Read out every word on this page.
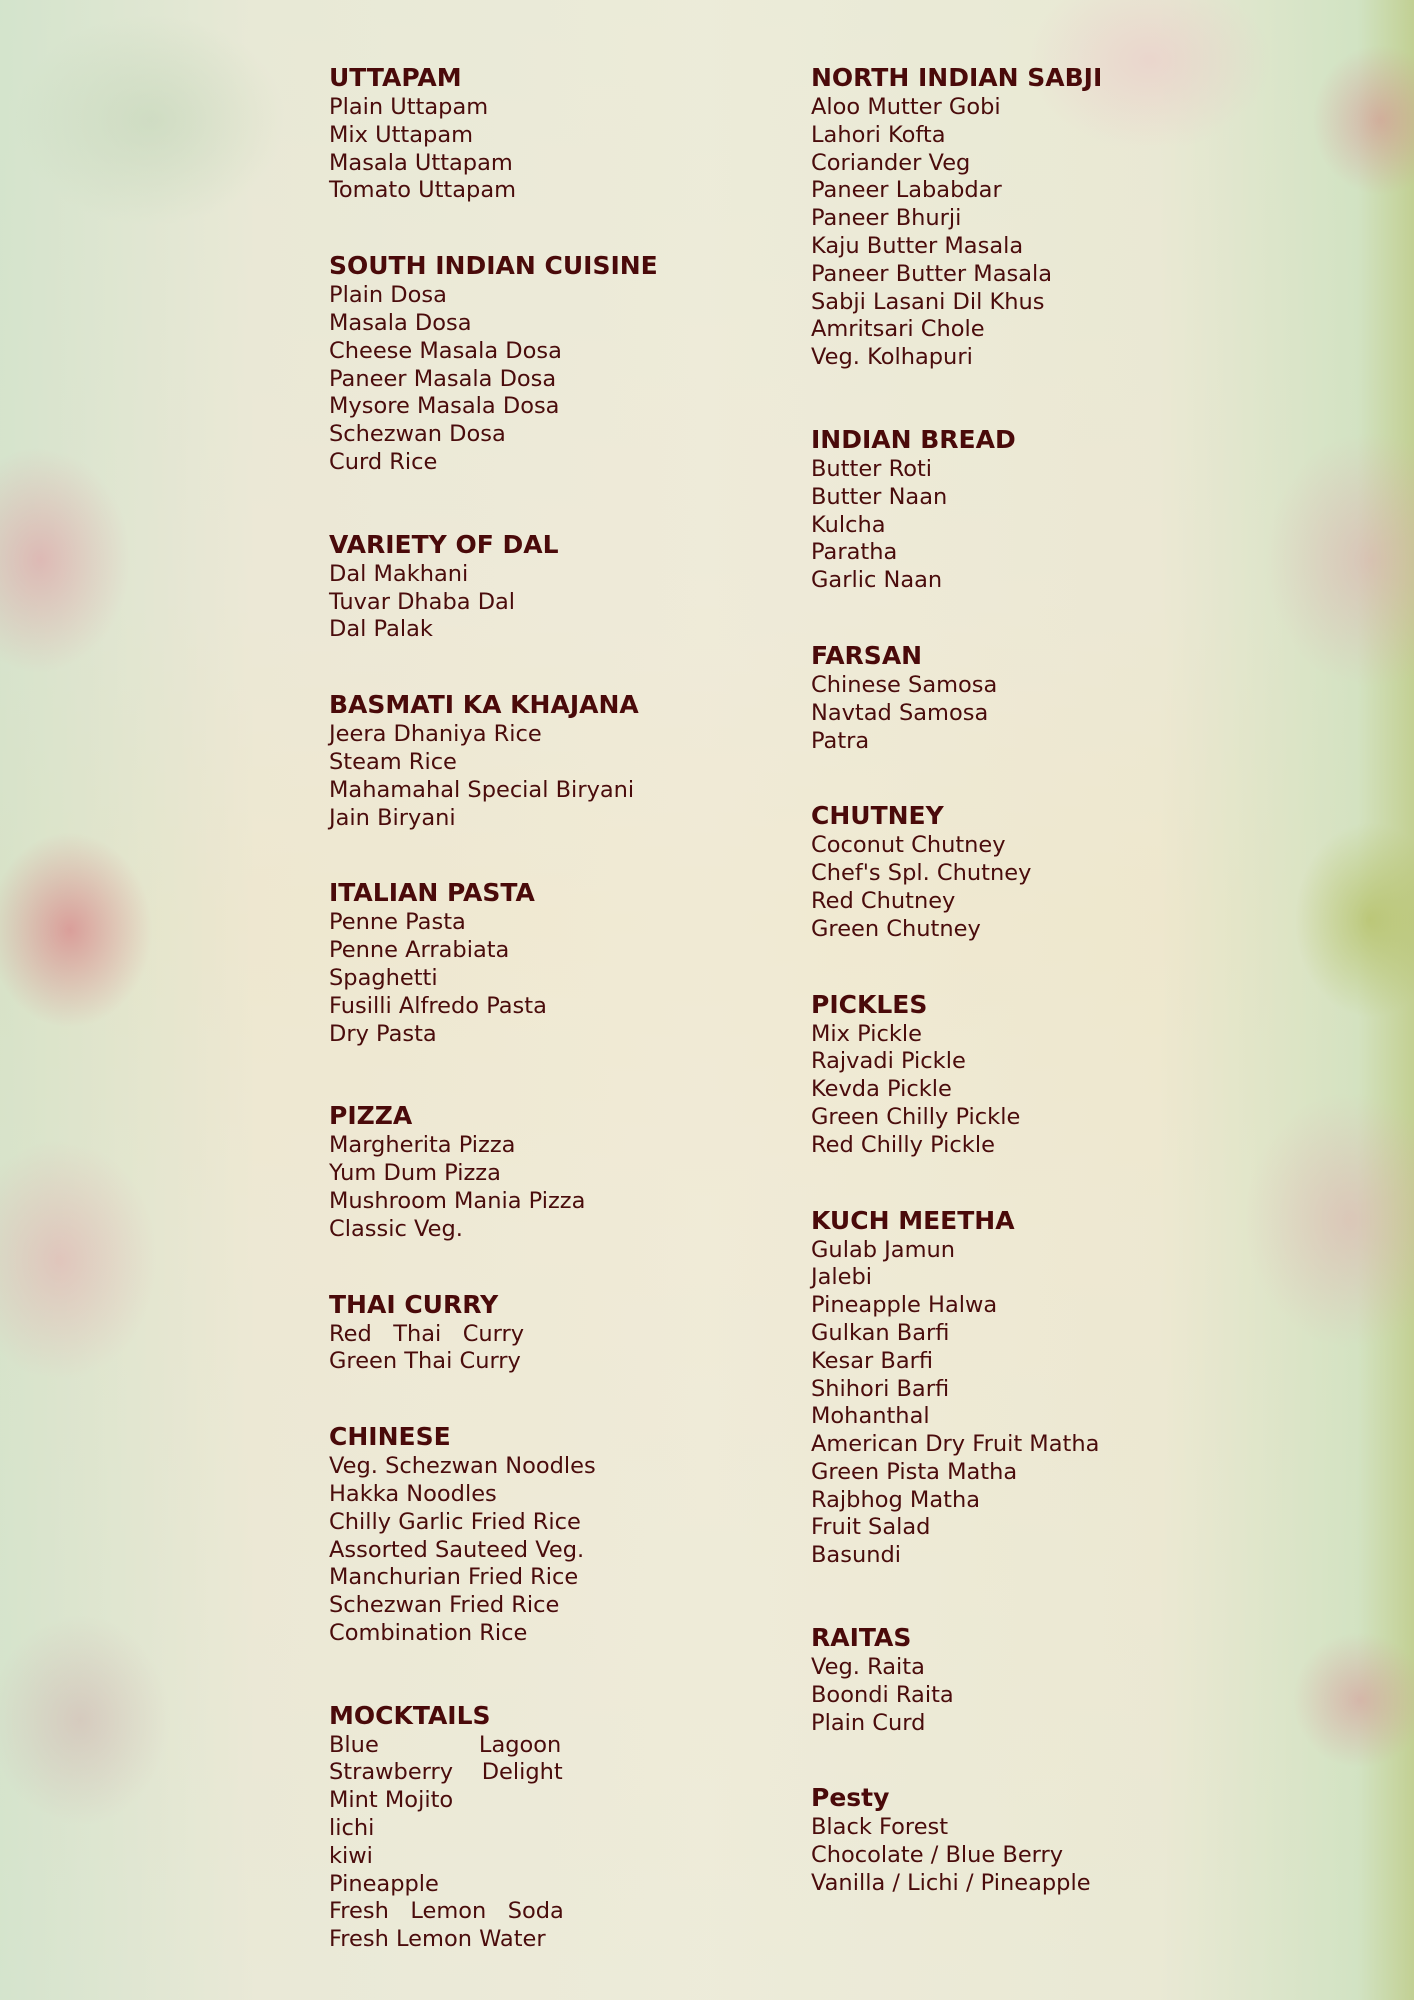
UTTAPAM
Plain Uttapam
Mix Uttapam
Masala Uttapam
Tomato Uttapam
SOUTH INDIAN CUISINE
Plain Dosa
Masala Dosa
Cheese Masala Dosa
Paneer Masala Dosa
Mysore Masala Dosa
Schezwan Dosa
Curd Rice
VARIETY OF DAL
Dal Makhani
Tuvar Dhaba Dal
Dal Palak
BASMATI KA KHAJANA
Jeera Dhaniya Rice
Steam Rice
Mahamahal Special Biryani
Jain Biryani
ITALIAN PASTA
Penne Pasta
Penne Arrabiata
Spaghetti
Fusilli Alfredo Pasta
Dry Pasta
PIZZA
Margherita Pizza
Yum Dum Pizza
Mushroom Mania Pizza
Classic Veg.
THAI CURRY
Red   Thai   Curry
Green Thai Curry
CHINESE
Veg. Schezwan Noodles
Hakka Noodles
Chilly Garlic Fried Rice
Assorted Sauteed Veg.
Manchurian Fried Rice
Schezwan Fried Rice
Combination Rice
MOCKTAILS
Blue              Lagoon
Strawberry    Delight
Mint Mojito
lichi
kiwi
Pineapple
Fresh   Lemon   Soda
Fresh Lemon Water
NORTH INDIAN SABJI
Aloo Mutter Gobi
Lahori Kofta
Coriander Veg
Paneer Lababdar
Paneer Bhurji
Kaju Butter Masala
Paneer Butter Masala
Sabji Lasani Dil Khus
Amritsari Chole
Veg. Kolhapuri
INDIAN BREAD
Butter Roti
Butter Naan
Kulcha
Paratha
Garlic Naan
FARSAN
Chinese Samosa
Navtad Samosa
Patra
CHUTNEY
Coconut Chutney
Chef's Spl. Chutney
Red Chutney
Green Chutney
PICKLES
Mix Pickle
Rajvadi Pickle
Kevda Pickle
Green Chilly Pickle
Red Chilly Pickle
KUCH MEETHA
Gulab Jamun
Jalebi
Pineapple Halwa
Gulkan Barfi
Kesar Barfi
Shihori Barfi
Mohanthal
American Dry Fruit Matha
Green Pista Matha
Rajbhog Matha
Fruit Salad
Basundi
RAITAS
Veg. Raita
Boondi Raita
Plain Curd
Pesty
Black Forest
Chocolate / Blue Berry
Vanilla / Lichi / Pineapple
